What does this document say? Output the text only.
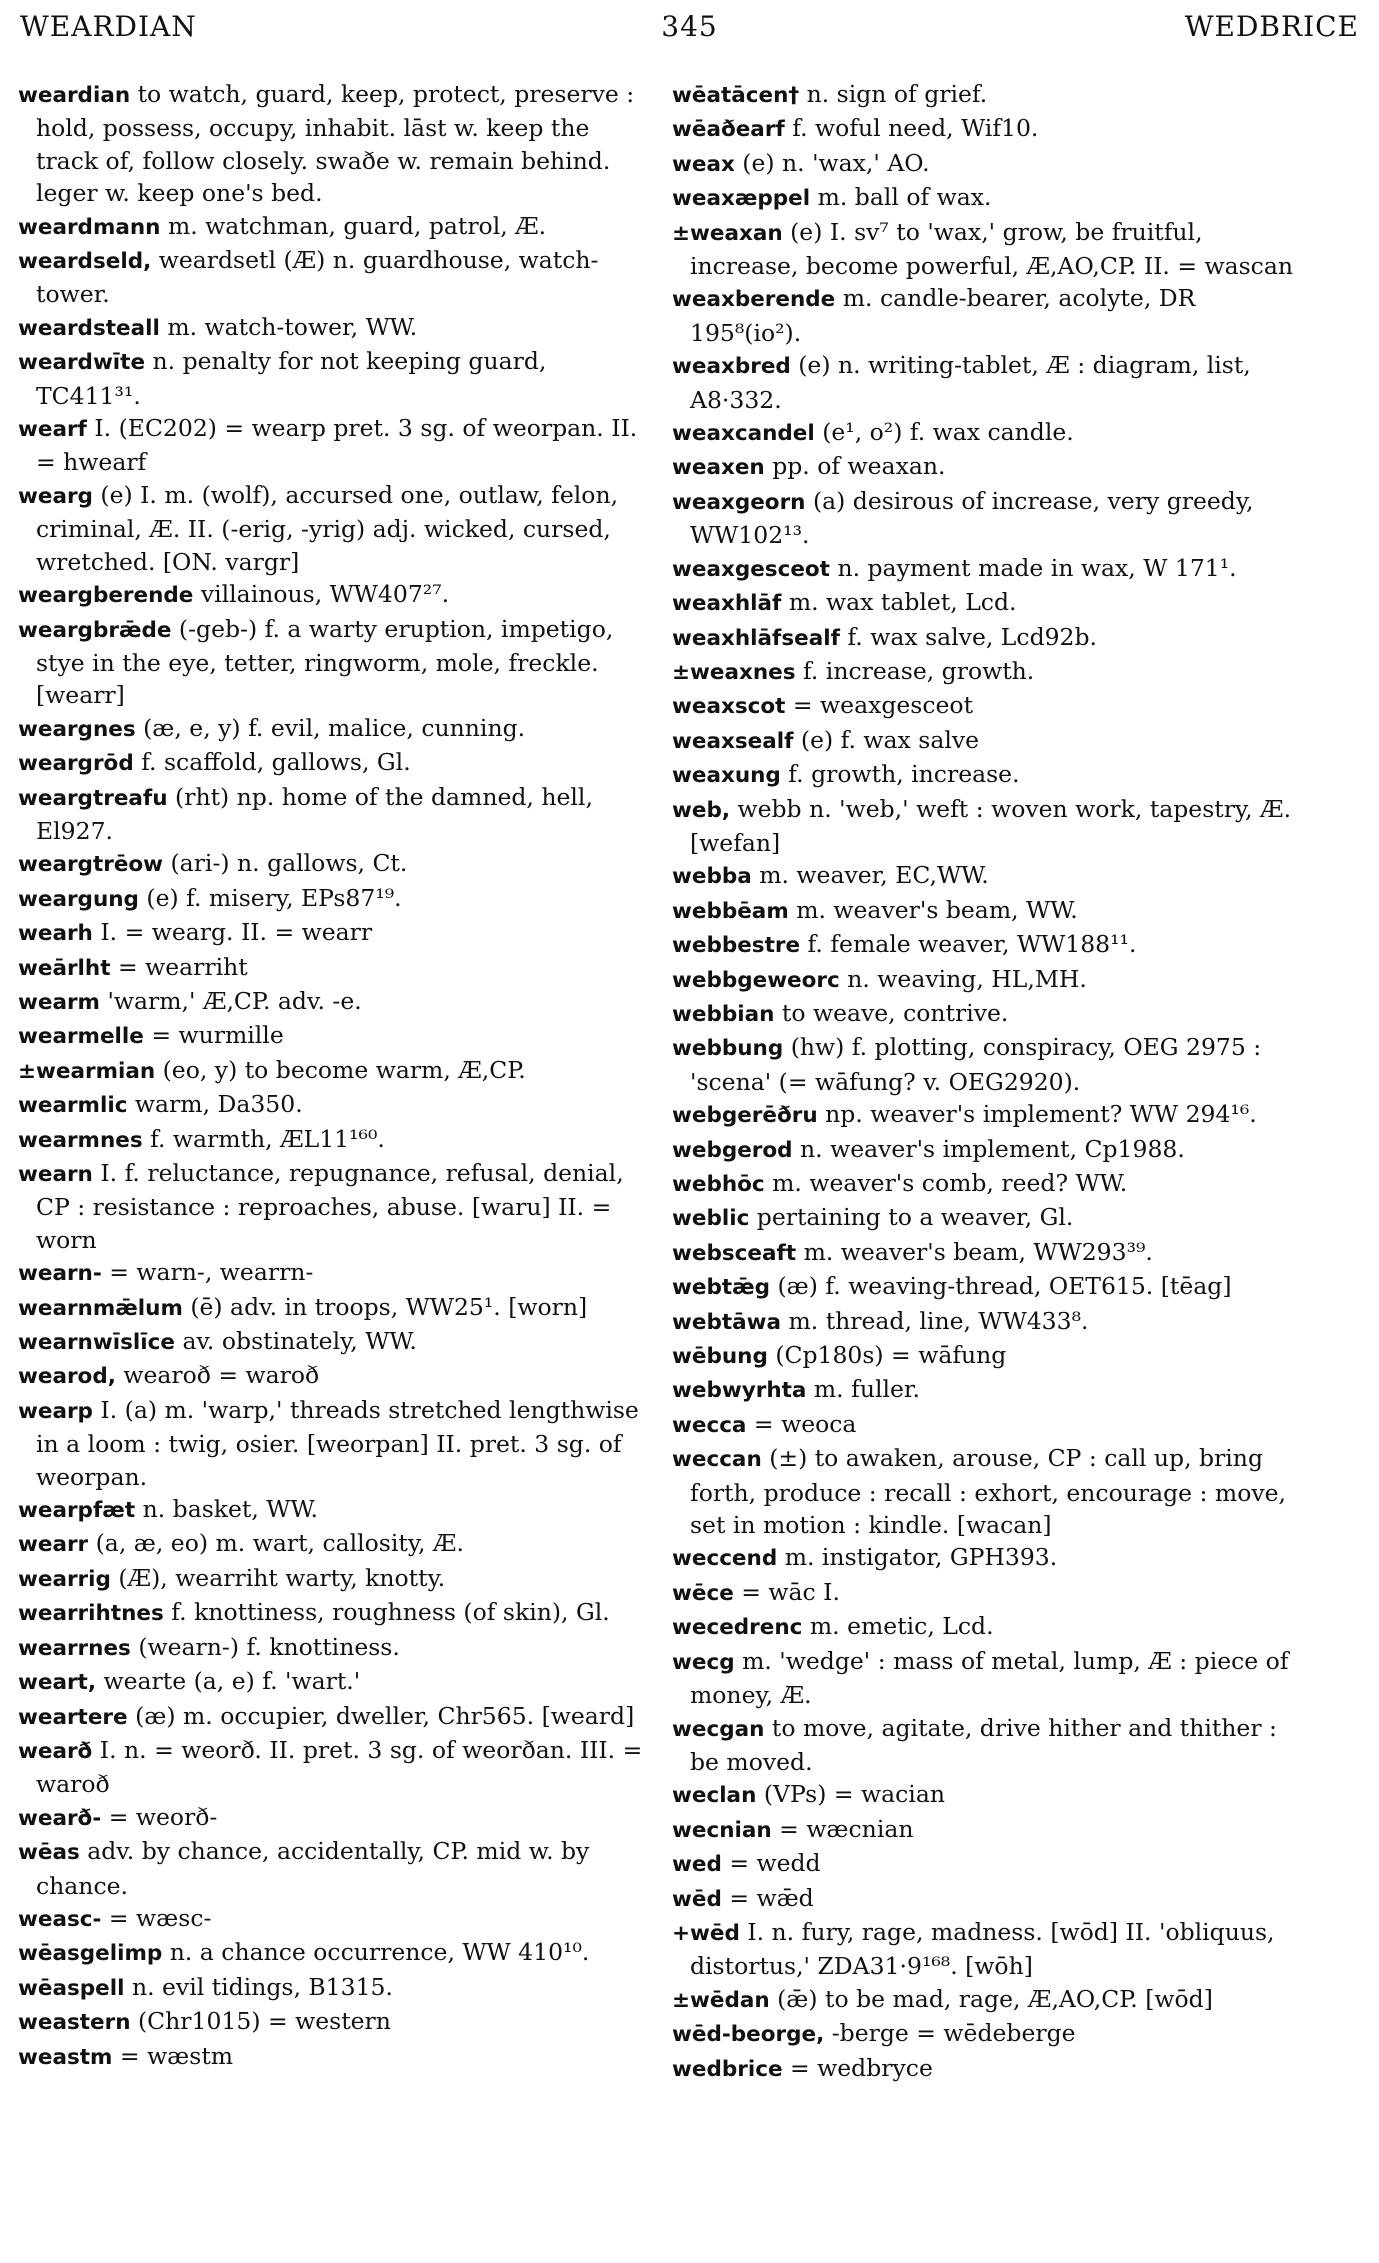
WEARDIAN	345	WEDBRICE

weardian to watch, guard, keep, protect, preserve : hold, possess, occupy, inhabit. lāst w. keep the track of, follow closely. swaðe w. remain behind. leger w. keep one's bed.

weardmann m. watchman, guard, patrol, Æ.

weardseld, weardsetl (Æ) n. guardhouse, watch-tower.

weardsteall m. watch-tower, WW.

weardwīte n. penalty for not keeping guard, TC411³¹.

wearf I. (EC202) = wearp pret. 3 sg. of weorpan. II. = hwearf

wearg (e) I. m. (wolf), accursed one, outlaw, felon, criminal, Æ. II. (-erig, -yrig) adj. wicked, cursed, wretched. [ON. vargr]

weargberende villainous, WW407²⁷.

weargbrǣde (-geb-) f. a warty eruption, impetigo, stye in the eye, tetter, ringworm, mole, freckle. [wearr]

weargnes (æ, e, y) f. evil, malice, cunning.

weargrōd f. scaffold, gallows, Gl.

weargtreafu (rht) np. home of the damned, hell, El927.

weargtrēow (ari-) n. gallows, Ct.

weargung (e) f. misery, EPs87¹⁹.

wearh I. = wearg. II. = wearr

weārlht = wearriht

wearm 'warm,' Æ,CP. adv. -e.

wearmelle = wurmille

±wearmian (eo, y) to become warm, Æ,CP.

wearmlic warm, Da350.

wearmnes f. warmth, ÆL11¹⁶⁰.

wearn I. f. reluctance, repugnance, refusal, denial, CP : resistance : reproaches, abuse. [waru] II. = worn

wearn- = warn-, wearrn-

wearnmǣlum (ē) adv. in troops, WW25¹. [worn]

wearnwīslīce av. obstinately, WW.

wearod, wearoð = waroð

wearp I. (a) m. 'warp,' threads stretched lengthwise in a loom : twig, osier. [weorpan] II. pret. 3 sg. of weorpan.

wearpfæt n. basket, WW.

wearr (a, æ, eo) m. wart, callosity, Æ.

wearrig (Æ), wearriht warty, knotty.

wearrihtnes f. knottiness, roughness (of skin), Gl.

wearrnes (wearn-) f. knottiness.

weart, wearte (a, e) f. 'wart.'

weartere (æ) m. occupier, dweller, Chr565. [weard]

wearð I. n. = weorð. II. pret. 3 sg. of weorðan. III. = waroð

wearð- = weorð-

wēas adv. by chance, accidentally, CP. mid w. by chance.

weasc- = wæsc-

wēasgelimp n. a chance occurrence, WW 410¹⁰.

wēaspell n. evil tidings, B1315.

weastern (Chr1015) = western

weastm = wæstm

wēatācen† n. sign of grief.

wēaðearf f. woful need, Wif10.

weax (e) n. 'wax,' AO.

weaxæppel m. ball of wax.

±weaxan (e) I. sv⁷ to 'wax,' grow, be fruitful, increase, become powerful, Æ,AO,CP. II. = wascan

weaxberende m. candle-bearer, acolyte, DR 195⁸(io²).

weaxbred (e) n. writing-tablet, Æ : diagram, list, A8·332.

weaxcandel (e¹, o²) f. wax candle.

weaxen pp. of weaxan.

weaxgeorn (a) desirous of increase, very greedy, WW102¹³.

weaxgesceot n. payment made in wax, W 171¹.

weaxhlāf m. wax tablet, Lcd.

weaxhlāfsealf f. wax salve, Lcd92b.

±weaxnes f. increase, growth.

weaxscot = weaxgesceot

weaxsealf (e) f. wax salve

weaxung f. growth, increase.

web, webb n. 'web,' weft : woven work, tapestry, Æ. [wefan]

webba m. weaver, EC,WW.

webbēam m. weaver's beam, WW.

webbestre f. female weaver, WW188¹¹.

webbgeweorc n. weaving, HL,MH.

webbian to weave, contrive.

webbung (hw) f. plotting, conspiracy, OEG 2975 : 'scena' (= wāfung? v. OEG2920).

webgerēðru np. weaver's implement? WW 294¹⁶.

webgerod n. weaver's implement, Cp1988.

webhōc m. weaver's comb, reed? WW.

weblic pertaining to a weaver, Gl.

websceaft m. weaver's beam, WW293³⁹.

webtǣg (æ) f. weaving-thread, OET615. [tēag]

webtāwa m. thread, line, WW433⁸.

wēbung (Cp180s) = wāfung

webwyrhta m. fuller.

wecca = weoca

weccan (±) to awaken, arouse, CP : call up, bring forth, produce : recall : exhort, encourage : move, set in motion : kindle. [wacan]

weccend m. instigator, GPH393.

wēce = wāc I.

wecedrenc m. emetic, Lcd.

wecg m. 'wedge' : mass of metal, lump, Æ : piece of money, Æ.

wecgan to move, agitate, drive hither and thither : be moved.

weclan (VPs) = wacian

wecnian = wæcnian

wed = wedd

wēd = wǣd

+wēd I. n. fury, rage, madness. [wōd] II. 'obliquus, distortus,' ZDA31·9¹⁶⁸. [wōh]

±wēdan (ǣ) to be mad, rage, Æ,AO,CP. [wōd]

wēd-beorge, -berge = wēdeberge

wedbrice = wedbryce
